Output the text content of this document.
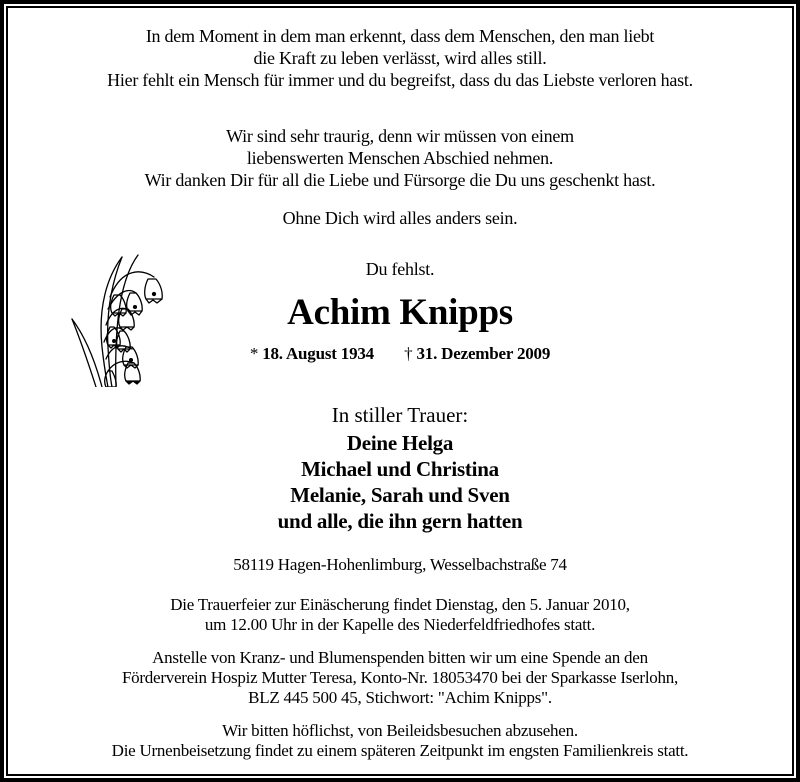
In dem Moment in dem man erkennt, dass dem Menschen, den man liebt
die Kraft zu leben verlässt, wird alles still.
Hier fehlt ein Mensch für immer und du begreifst, dass du das Liebste verloren hast.
Wir sind sehr traurig, denn wir müssen von einem
liebenswerten Menschen Abschied nehmen.
Wir danken Dir für all die Liebe und Fürsorge die Du uns geschenkt hast.
Ohne Dich wird alles anders sein.
Du fehlst.
Achim Knipps
* 18. August 1934 † 31. Dezember 2009
In stiller Trauer:
Deine Helga
Michael und Christina
Melanie, Sarah und Sven
und alle, die ihn gern hatten
58119 Hagen-Hohenlimburg, Wesselbachstraße 74
Die Trauerfeier zur Einäscherung findet Dienstag, den 5. Januar 2010,
um 12.00 Uhr in der Kapelle des Niederfeldfriedhofes statt.
Anstelle von Kranz- und Blumenspenden bitten wir um eine Spende an den
Förderverein Hospiz Mutter Teresa, Konto-Nr. 18053470 bei der Sparkasse Iserlohn,
BLZ 445 500 45, Stichwort: "Achim Knipps".
Wir bitten höflichst, von Beileidsbesuchen abzusehen.
Die Urnenbeisetzung findet zu einem späteren Zeitpunkt im engsten Familienkreis statt.
